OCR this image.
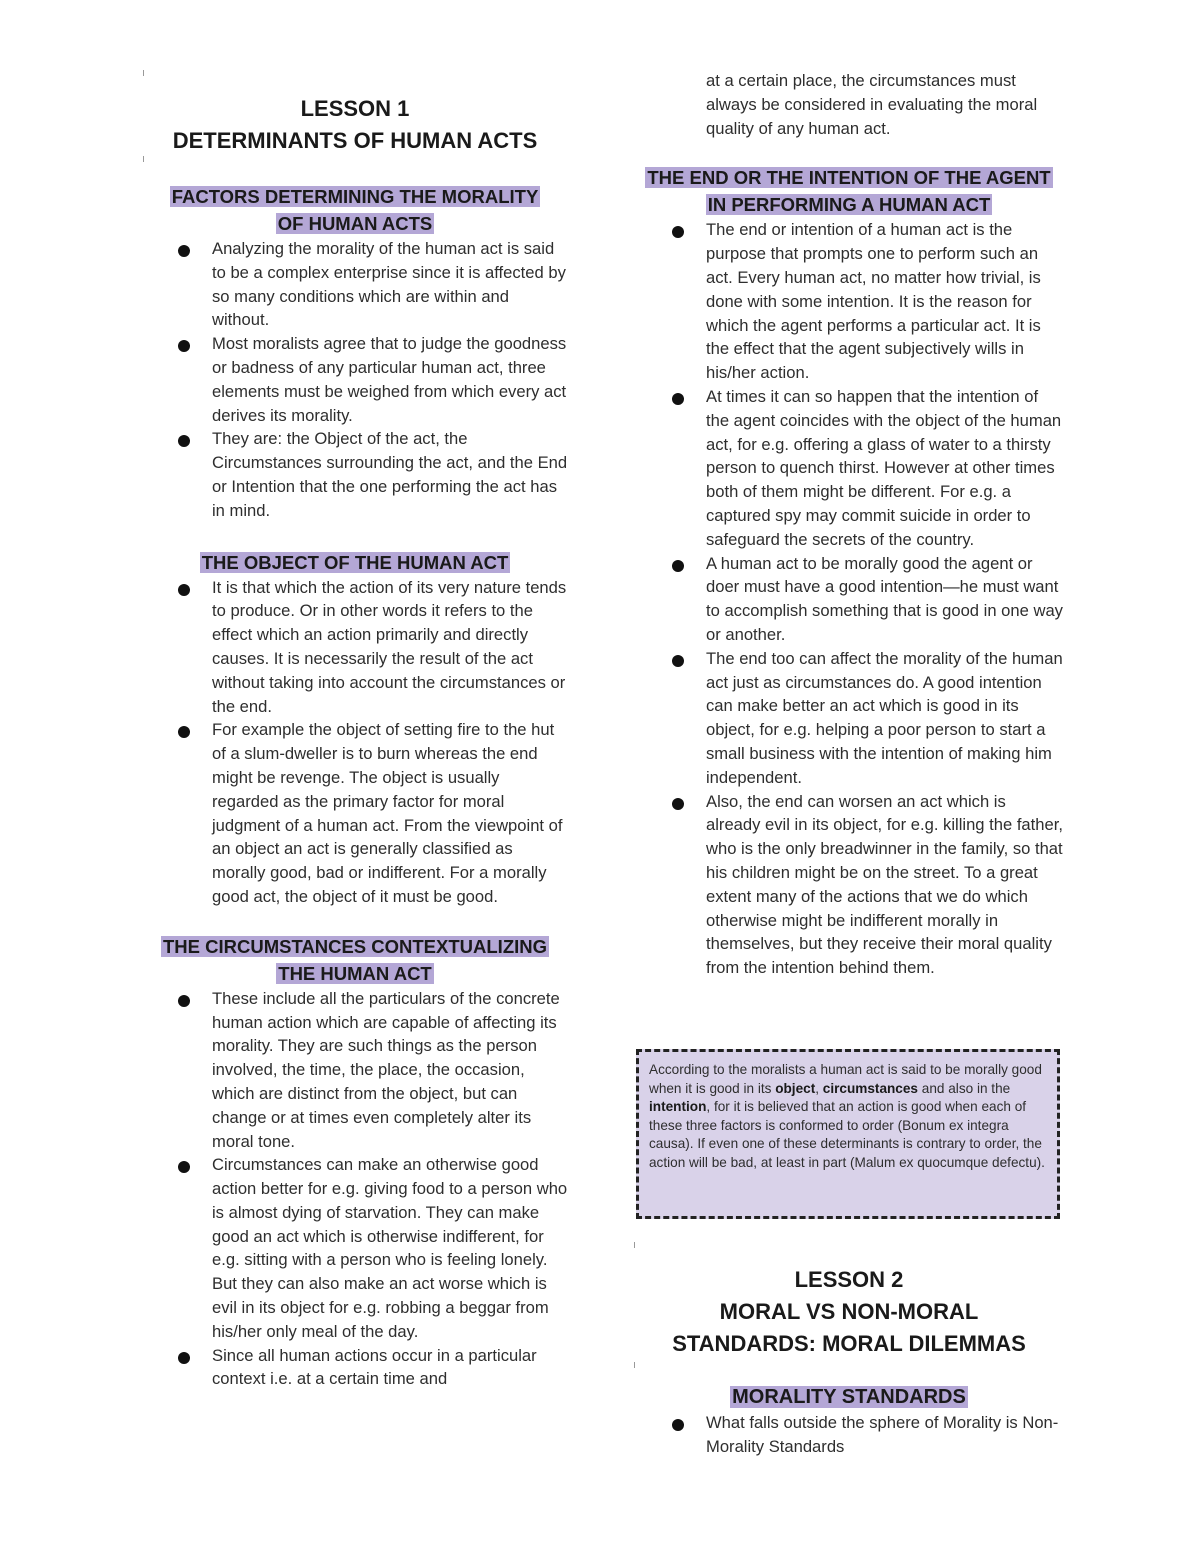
LESSON 1
DETERMINANTS OF HUMAN ACTS
FACTORS DETERMINING THE MORALITY
OF HUMAN ACTS
Analyzing the morality of the human act is said to be a complex enterprise since it is affected by so many conditions which are within and without.
Most moralists agree that to judge the goodness or badness of any particular human act, three elements must be weighed from which every act derives its morality.
They are: the Object of the act, the Circumstances surrounding the act, and the End or Intention that the one performing the act has in mind.
THE OBJECT OF THE HUMAN ACT
It is that which the action of its very nature tends to produce. Or in other words it refers to the effect which an action primarily and directly causes. It is necessarily the result of the act without taking into account the circumstances or the end.
For example the object of setting fire to the hut of a slum-dweller is to burn whereas the end might be revenge. The object is usually regarded as the primary factor for moral judgment of a human act. From the viewpoint of an object an act is generally classified as morally good, bad or indifferent. For a morally good act, the object of it must be good.
THE CIRCUMSTANCES CONTEXTUALIZING
THE HUMAN ACT
These include all the particulars of the concrete human action which are capable of affecting its morality. They are such things as the person involved, the time, the place, the occasion, which are distinct from the object, but can change or at times even completely alter its moral tone.
Circumstances can make an otherwise good action better for e.g. giving food to a person who is almost dying of starvation. They can make good an act which is otherwise indifferent, for e.g. sitting with a person who is feeling lonely. But they can also make an act worse which is evil in its object for e.g. robbing a beggar from his/her only meal of the day.
Since all human actions occur in a particular context i.e. at a certain time and
at a certain place, the circumstances must always be considered in evaluating the moral quality of any human act.
THE END OR THE INTENTION OF THE AGENT
IN PERFORMING A HUMAN ACT
The end or intention of a human act is the purpose that prompts one to perform such an act. Every human act, no matter how trivial, is done with some intention. It is the reason for which the agent performs a particular act. It is the effect that the agent subjectively wills in his/her action.
At times it can so happen that the intention of the agent coincides with the object of the human act, for e.g. offering a glass of water to a thirsty person to quench thirst. However at other times both of them might be different. For e.g. a captured spy may commit suicide in order to safeguard the secrets of the country.
A human act to be morally good the agent or doer must have a good intention—he must want to accomplish something that is good in one way or another.
The end too can affect the morality of the human act just as circumstances do. A good intention can make better an act which is good in its object, for e.g. helping a poor person to start a small business with the intention of making him independent.
Also, the end can worsen an act which is already evil in its object, for e.g. killing the father, who is the only breadwinner in the family, so that his children might be on the street. To a great extent many of the actions that we do which otherwise might be indifferent morally in themselves, but they receive their moral quality from the intention behind them.
According to the moralists a human act is said to be morally good when it is good in its object, circumstances and also in the intention, for it is believed that an action is good when each of these three factors is conformed to order (Bonum ex integra causa). If even one of these determinants is contrary to order, the action will be bad, at least in part (Malum ex quocumque defectu).
LESSON 2
MORAL VS NON-MORAL
STANDARDS: MORAL DILEMMAS
MORALITY STANDARDS
What falls outside the sphere of Morality is Non-Morality Standards
